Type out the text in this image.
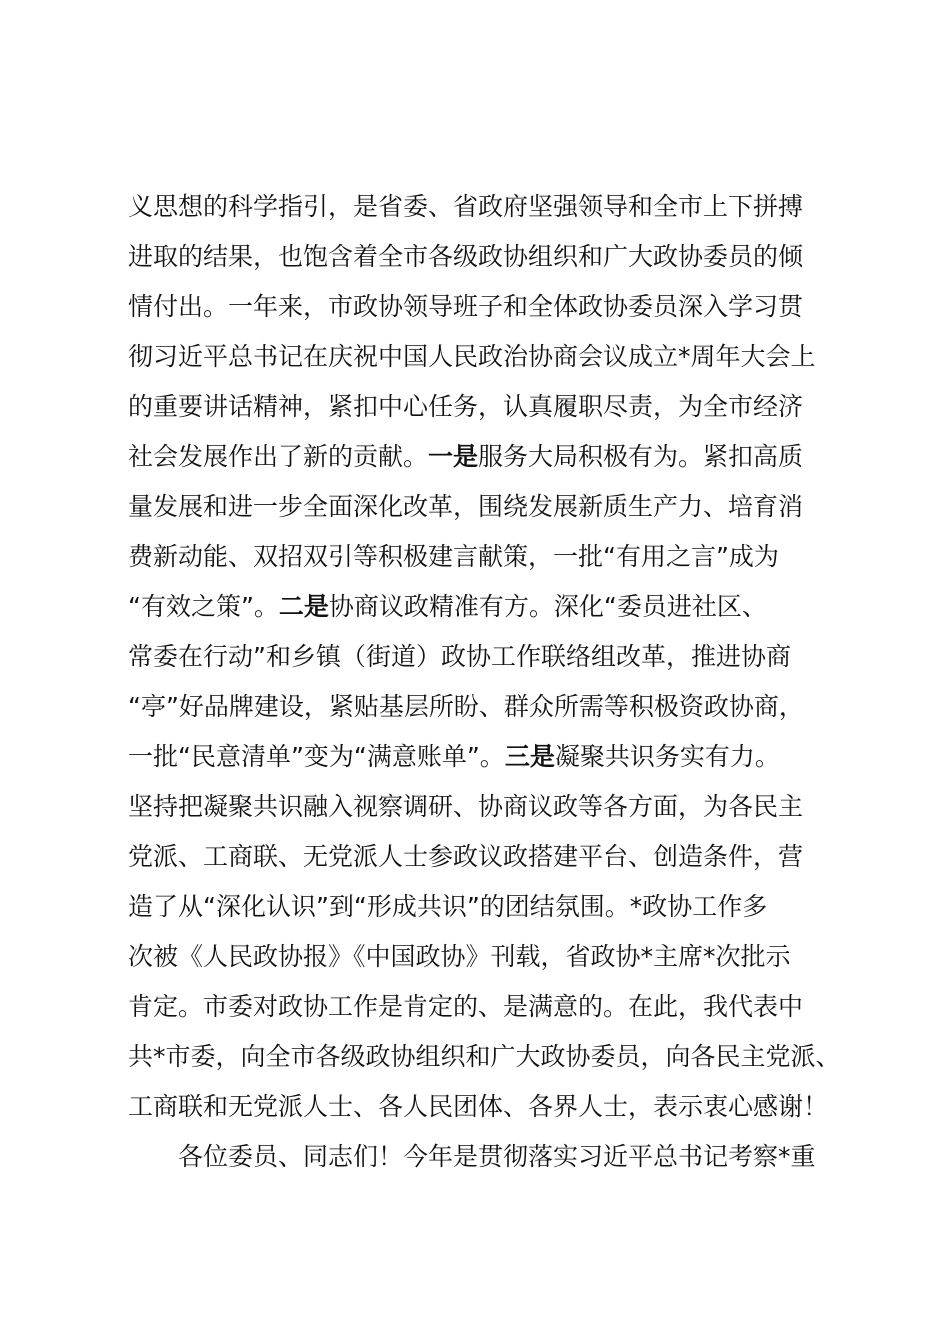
义思想的科学指引，是省委、省政府坚强领导和全市上下拼搏
进取的结果，也饱含着全市各级政协组织和广大政协委员的倾
情付出。一年来，市政协领导班子和全体政协委员深入学习贯
彻习近平总书记在庆祝中国人民政治协商会议成立*周年大会上
的重要讲话精神，紧扣中心任务，认真履职尽责，为全市经济
社会发展作出了新的贡献。一是服务大局积极有为。紧扣高质
量发展和进一步全面深化改革，围绕发展新质生产力、培育消
费新动能、双招双引等积极建言献策，一批“有用之言”成为
“有效之策”。二是协商议政精准有方。深化“委员进社区、
常委在行动”和乡镇（街道）政协工作联络组改革，推进协商
“亭”好品牌建设，紧贴基层所盼、群众所需等积极资政协商，
一批“民意清单”变为“满意账单”。三是凝聚共识务实有力。
坚持把凝聚共识融入视察调研、协商议政等各方面，为各民主
党派、工商联、无党派人士参政议政搭建平台、创造条件，营
造了从“深化认识”到“形成共识”的团结氛围。*政协工作多
次被《人民政协报》《中国政协》刊载，省政协*主席*次批示
肯定。市委对政协工作是肯定的、是满意的。在此，我代表中
共*市委，向全市各级政协组织和广大政协委员，向各民主党派、
工商联和无党派人士、各人民团体、各界人士，表示衷心感谢！
各位委员、同志们！今年是贯彻落实习近平总书记考察*重
